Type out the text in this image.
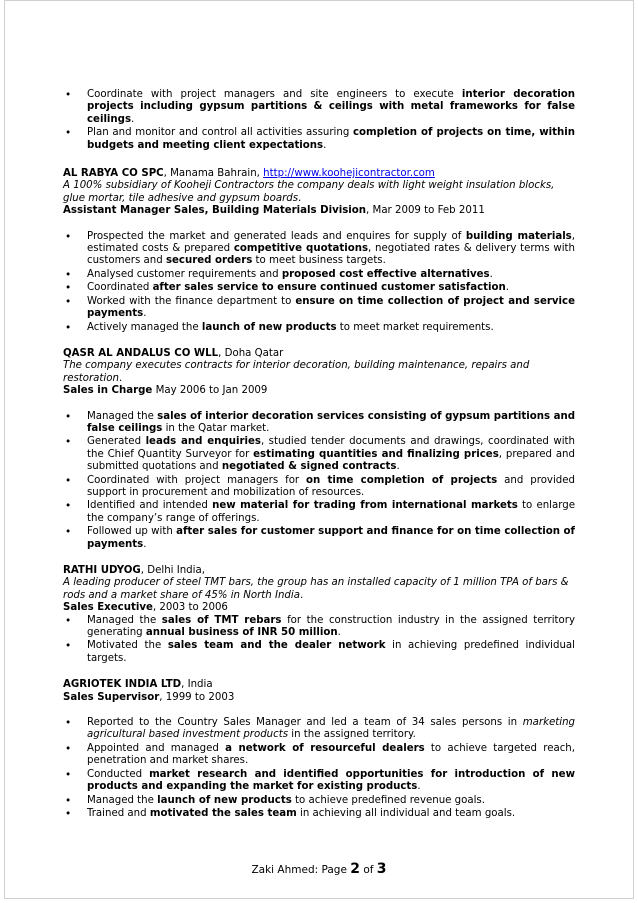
• Coordinate with project managers and site engineers to execute interior decoration projects including gypsum partitions & ceilings with metal frameworks for false ceilings.
• Plan and monitor and control all activities assuring completion of projects on time, within budgets and meeting client expectations.
AL RABYA CO SPC, Manama Bahrain, http://www.koohejicontractor.com
A 100% subsidiary of Kooheji Contractors the company deals with light weight insulation blocks, glue mortar, tile adhesive and gypsum boards.
Assistant Manager Sales, Building Materials Division, Mar 2009 to Feb 2011
• Prospected the market and generated leads and enquires for supply of building materials, estimated costs & prepared competitive quotations, negotiated rates & delivery terms with customers and secured orders to meet business targets.
• Analysed customer requirements and proposed cost effective alternatives.
• Coordinated after sales service to ensure continued customer satisfaction.
• Worked with the finance department to ensure on time collection of project and service payments.
• Actively managed the launch of new products to meet market requirements.
QASR AL ANDALUS CO WLL, Doha Qatar
The company executes contracts for interior decoration, building maintenance, repairs and restoration.
Sales in Charge May 2006 to Jan 2009
• Managed the sales of interior decoration services consisting of gypsum partitions and false ceilings in the Qatar market.
• Generated leads and enquiries, studied tender documents and drawings, coordinated with the Chief Quantity Surveyor for estimating quantities and finalizing prices, prepared and submitted quotations and negotiated & signed contracts.
• Coordinated with project managers for on time completion of projects and provided support in procurement and mobilization of resources.
• Identified and intended new material for trading from international markets to enlarge the company’s range of offerings.
• Followed up with after sales for customer support and finance for on time collection of payments.
RATHI UDYOG, Delhi India,
A leading producer of steel TMT bars, the group has an installed capacity of 1 million TPA of bars & rods and a market share of 45% in North India.
Sales Executive, 2003 to 2006
• Managed the sales of TMT rebars for the construction industry in the assigned territory generating annual business of INR 50 million.
• Motivated the sales team and the dealer network in achieving predefined individual targets.
AGRIOTEK INDIA LTD, India
Sales Supervisor, 1999 to 2003
• Reported to the Country Sales Manager and led a team of 34 sales persons in marketing agricultural based investment products in the assigned territory.
• Appointed and managed a network of resourceful dealers to achieve targeted reach, penetration and market shares.
• Conducted market research and identified opportunities for introduction of new products and expanding the market for existing products.
• Managed the launch of new products to achieve predefined revenue goals.
• Trained and motivated the sales team in achieving all individual and team goals.
Zaki Ahmed: Page 2 of 3
